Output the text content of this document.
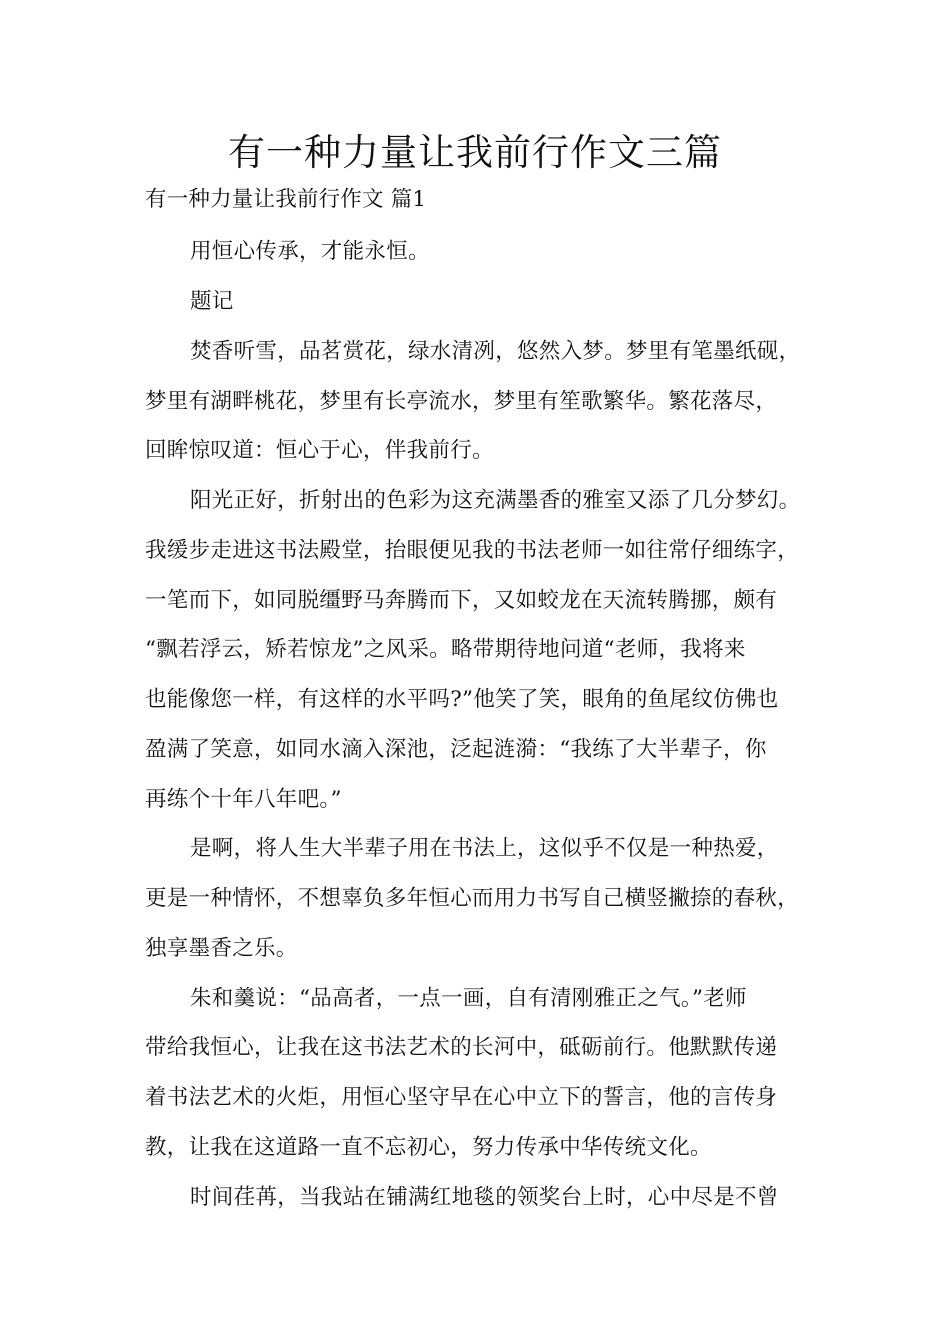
有一种力量让我前行作文三篇
有一种力量让我前行作文 篇1
用恒心传承，才能永恒。
题记
焚香听雪，品茗赏花，绿水清冽，悠然入梦。梦里有笔墨纸砚，
梦里有湖畔桃花，梦里有长亭流水，梦里有笙歌繁华。繁花落尽，
回眸惊叹道：恒心于心，伴我前行。
阳光正好，折射出的色彩为这充满墨香的雅室又添了几分梦幻。
我缓步走进这书法殿堂，抬眼便见我的书法老师一如往常仔细练字，
一笔而下，如同脱缰野马奔腾而下，又如蛟龙在天流转腾挪，颇有
“飘若浮云，矫若惊龙”之风采。略带期待地问道“老师，我将来
也能像您一样，有这样的水平吗?”他笑了笑，眼角的鱼尾纹仿佛也
盈满了笑意，如同水滴入深池，泛起涟漪：“我练了大半辈子，你
再练个十年八年吧。”
是啊，将人生大半辈子用在书法上，这似乎不仅是一种热爱，
更是一种情怀，不想辜负多年恒心而用力书写自己横竖撇捺的春秋，
独享墨香之乐。
朱和羹说：“品高者，一点一画，自有清刚雅正之气。”老师
带给我恒心，让我在这书法艺术的长河中，砥砺前行。他默默传递
着书法艺术的火炬，用恒心坚守早在心中立下的誓言，他的言传身
教，让我在这道路一直不忘初心，努力传承中华传统文化。
时间荏苒，当我站在铺满红地毯的领奖台上时，心中尽是不曾
